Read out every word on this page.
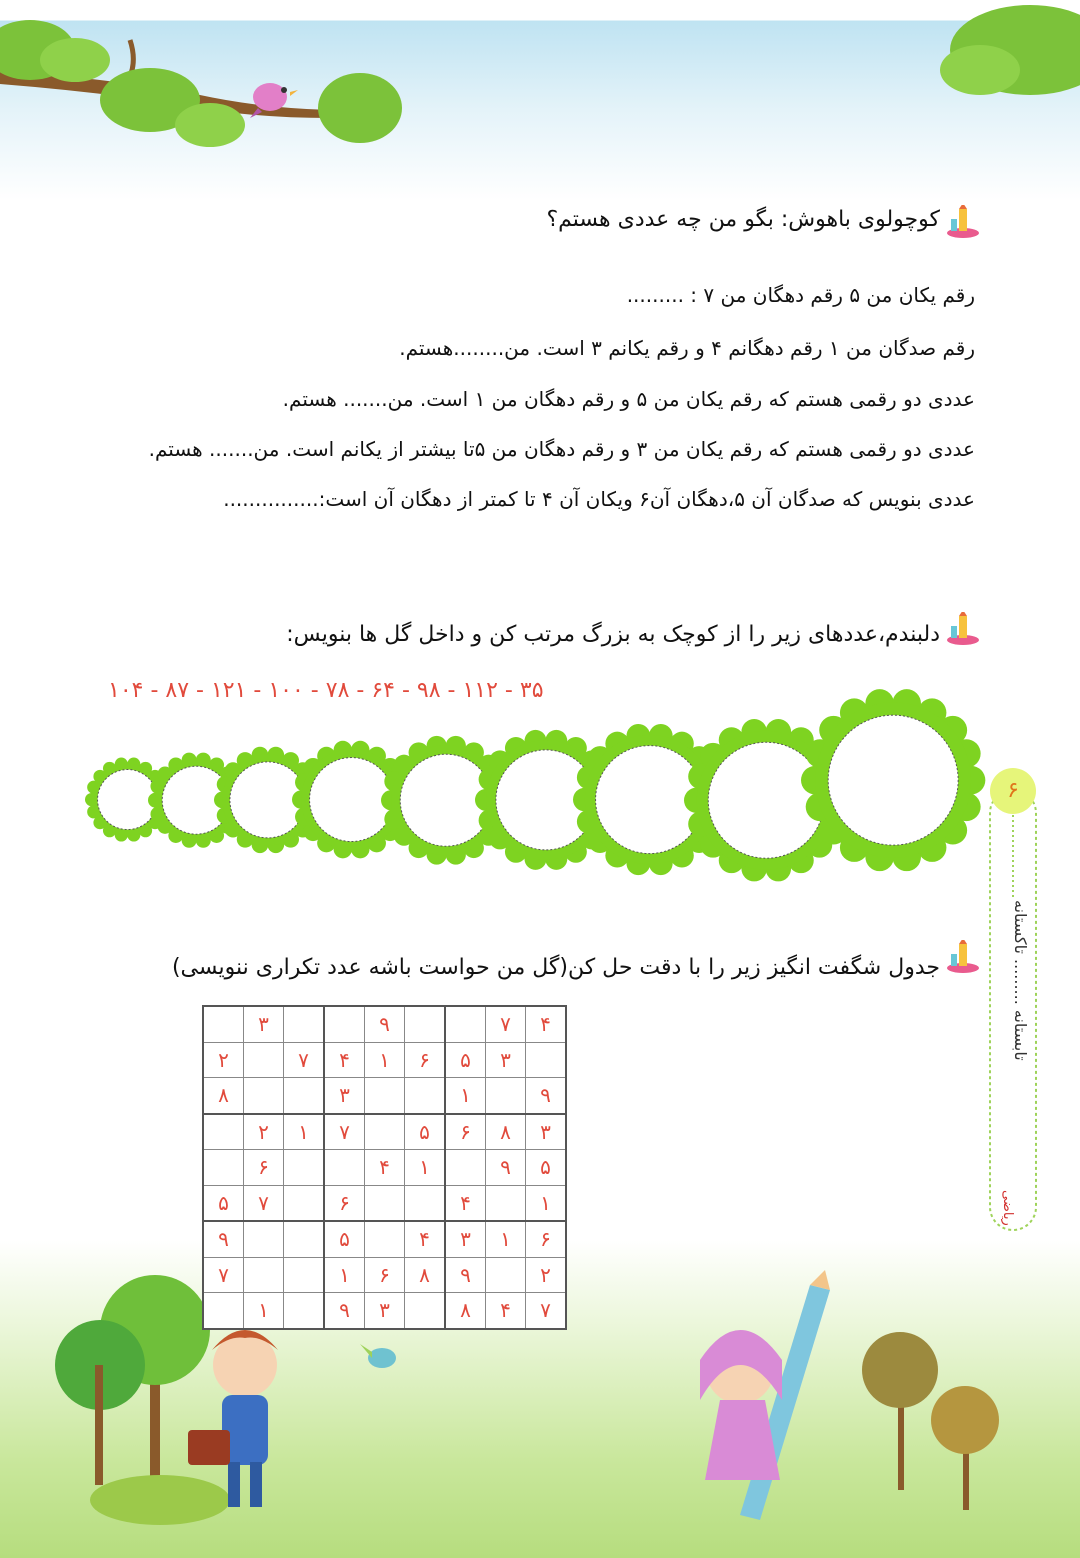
کوچولوی باهوش: بگو من چه عددی هستم؟
رقم یکان من ۵ رقم دهگان من ۷ : .........
رقم صدگان من ۱ رقم دهگانم ۴ و رقم یکانم ۳ است. من........هستم.
عددی دو رقمی هستم که رقم یکان من ۵ و رقم دهگان من ۱ است. من....... هستم.
عددی دو رقمی هستم که رقم یکان من ۳ و رقم دهگان من ۵تا بیشتر از یکانم است. من....... هستم.
عددی بنویس که صدگان آن ۵،دهگان آن۶ ویکان آن ۴ تا کمتر از دهگان آن است:...............
دلبندم،عددهای زیر را از کوچک به بزرگ مرتب کن و داخل گل ها بنویس:
۳۵ - ۱۱۲ - ۹۸ - ۶۴ - ۷۸ - ۱۰۰ - ۱۲۱ - ۸۷ - ۱۰۴
جدول شگفت انگیز زیر را با دقت حل کن(گل من حواست باشه عدد تکراری ننویسی)
	۳			۹			۷	۴
۲		۷	۴	۱	۶	۵	۳	
۸			۳			۱		۹
	۲	۱	۷		۵	۶	۸	۳
	۶			۴	۱		۹	۵
۵	۷		۶			۴		۱
۹			۵		۴	۳	۱	۶
۷			۱	۶	۸	۹		۲
	۱		۹	۳		۸	۴	۷
۶
تابستانه ......... تاکستانه
ریاضی
